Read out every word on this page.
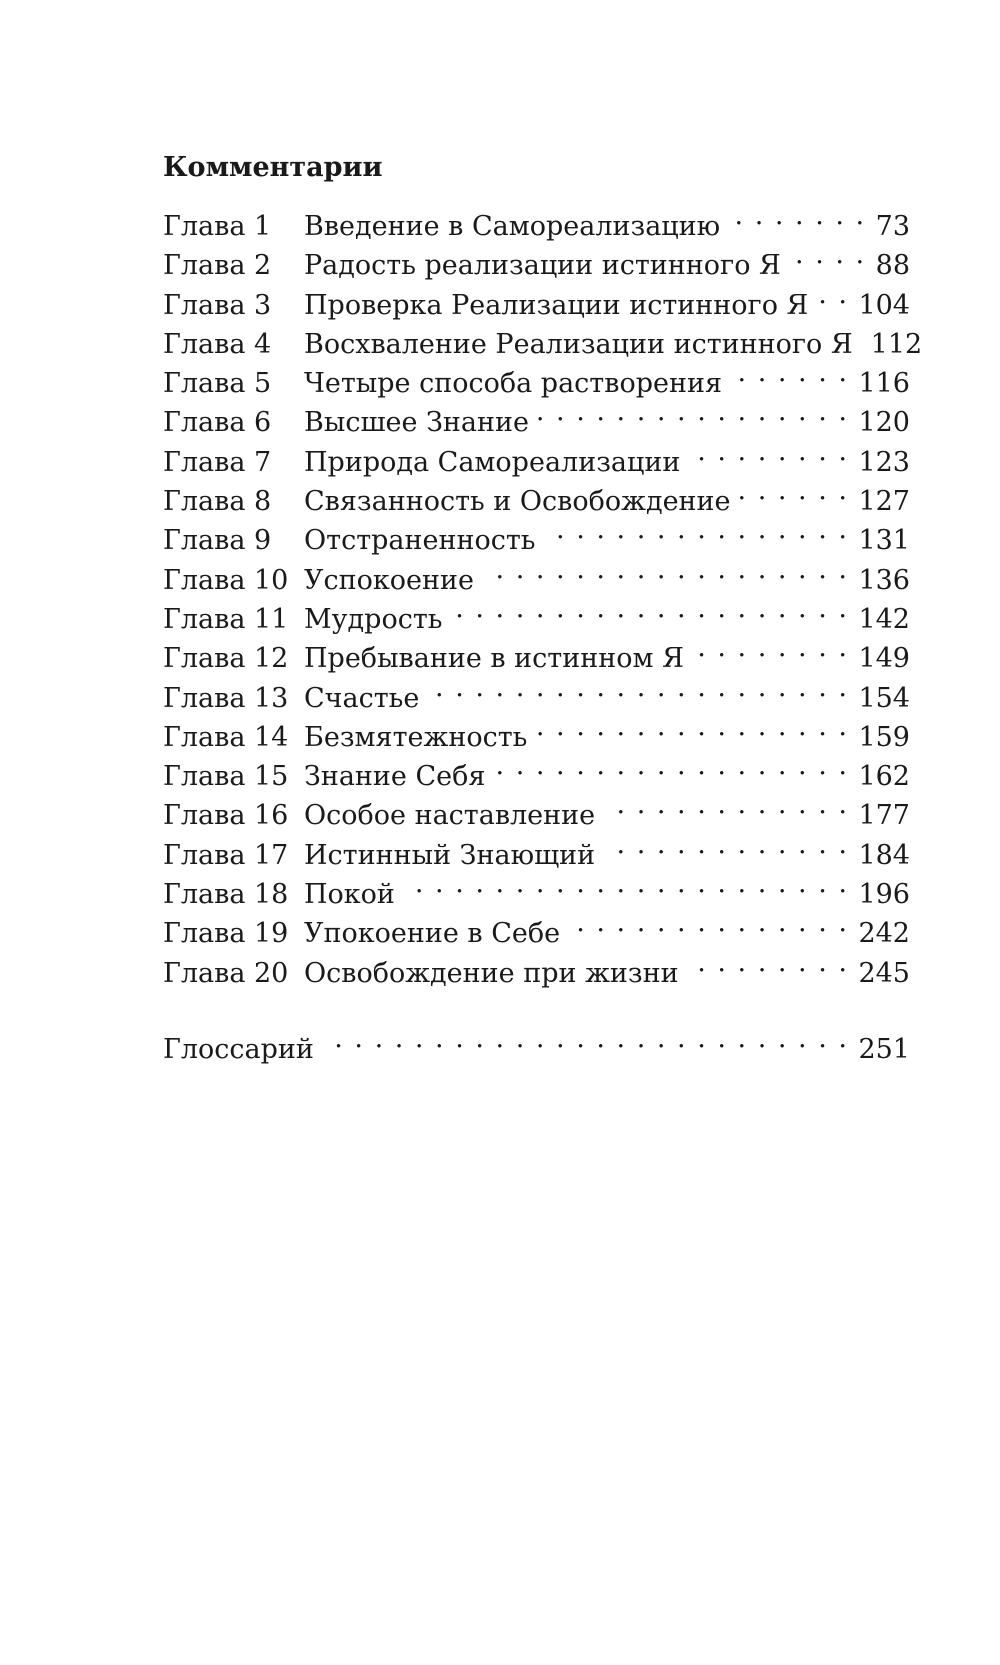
Комментарии
Глава 1	Введение в Самореализацию . . .	73
Глава 2	Радость реализации истинного Я . . .	88
Глава 3	Проверка Реализации истинного Я . . . 104
Глава 4	Восхваление Реализации истинного Я 112
Глава 5	Четыре способа растворения . . .	116
Глава 6	Высшее Знание . . .	120
Глава 7	Природа Самореализации . . .	123
Глава 8	Связанность и Освобождение . . .	127
Глава 9	Отстраненность . . .	131
Глава 10 Успокоение . . .	136
Глава 11 Мудрость . . .	142
Глава 12 Пребывание в истинном Я . . .	149
Глава 13 Счастье . . .	154
Глава 14 Безмятежность . . .	159
Глава 15 Знание Себя . . .	162
Глава 16 Особое наставление . . .	177
Глава 17 Истинный Знающий . . .	184
Глава 18 Покой . . .	196
Глава 19 Упокоение в Себе . . .	242
Глава 20 Освобождение при жизни . . .	245
Глоссарий . . .	251
